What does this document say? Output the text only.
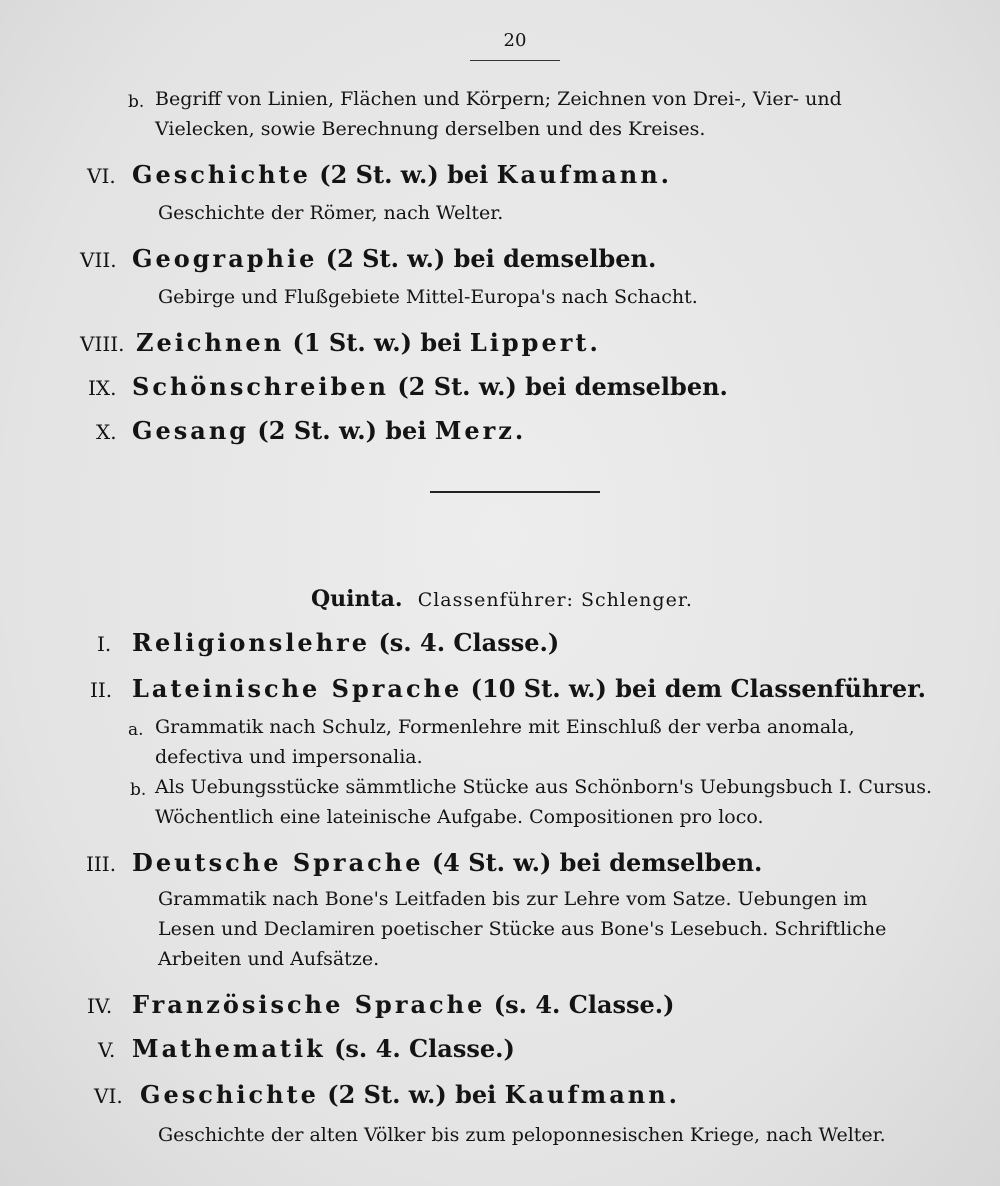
20
b. Begriff von Linien, Flächen und Körpern; Zeichnen von Drei-, Vier- und
Vielecken, sowie Berechnung derselben und des Kreises.
VI. Geschichte (2 St. w.) bei Kaufmann.
Geschichte der Römer, nach Welter.
VII. Geographie (2 St. w.) bei demselben.
Gebirge und Flußgebiete Mittel-Europa's nach Schacht.
VIII. Zeichnen (1 St. w.) bei Lippert.
IX. Schönschreiben (2 St. w.) bei demselben.
X. Gesang (2 St. w.) bei Merz.
Quinta. Classenführer: Schlenger.
I. Religionslehre (s. 4. Classe.)
II. Lateinische Sprache (10 St. w.) bei dem Classenführer.
a. Grammatik nach Schulz, Formenlehre mit Einschluß der verba anomala,
defectiva und impersonalia.
b. Als Uebungsstücke sämmtliche Stücke aus Schönborn's Uebungsbuch I. Cursus.
Wöchentlich eine lateinische Aufgabe. Compositionen pro loco.
III. Deutsche Sprache (4 St. w.) bei demselben.
Grammatik nach Bone's Leitfaden bis zur Lehre vom Satze. Uebungen im
Lesen und Declamiren poetischer Stücke aus Bone's Lesebuch. Schriftliche
Arbeiten und Aufsätze.
IV. Französische Sprache (s. 4. Classe.)
V. Mathematik (s. 4. Classe.)
VI. Geschichte (2 St. w.) bei Kaufmann.
Geschichte der alten Völker bis zum peloponnesischen Kriege, nach Welter.
